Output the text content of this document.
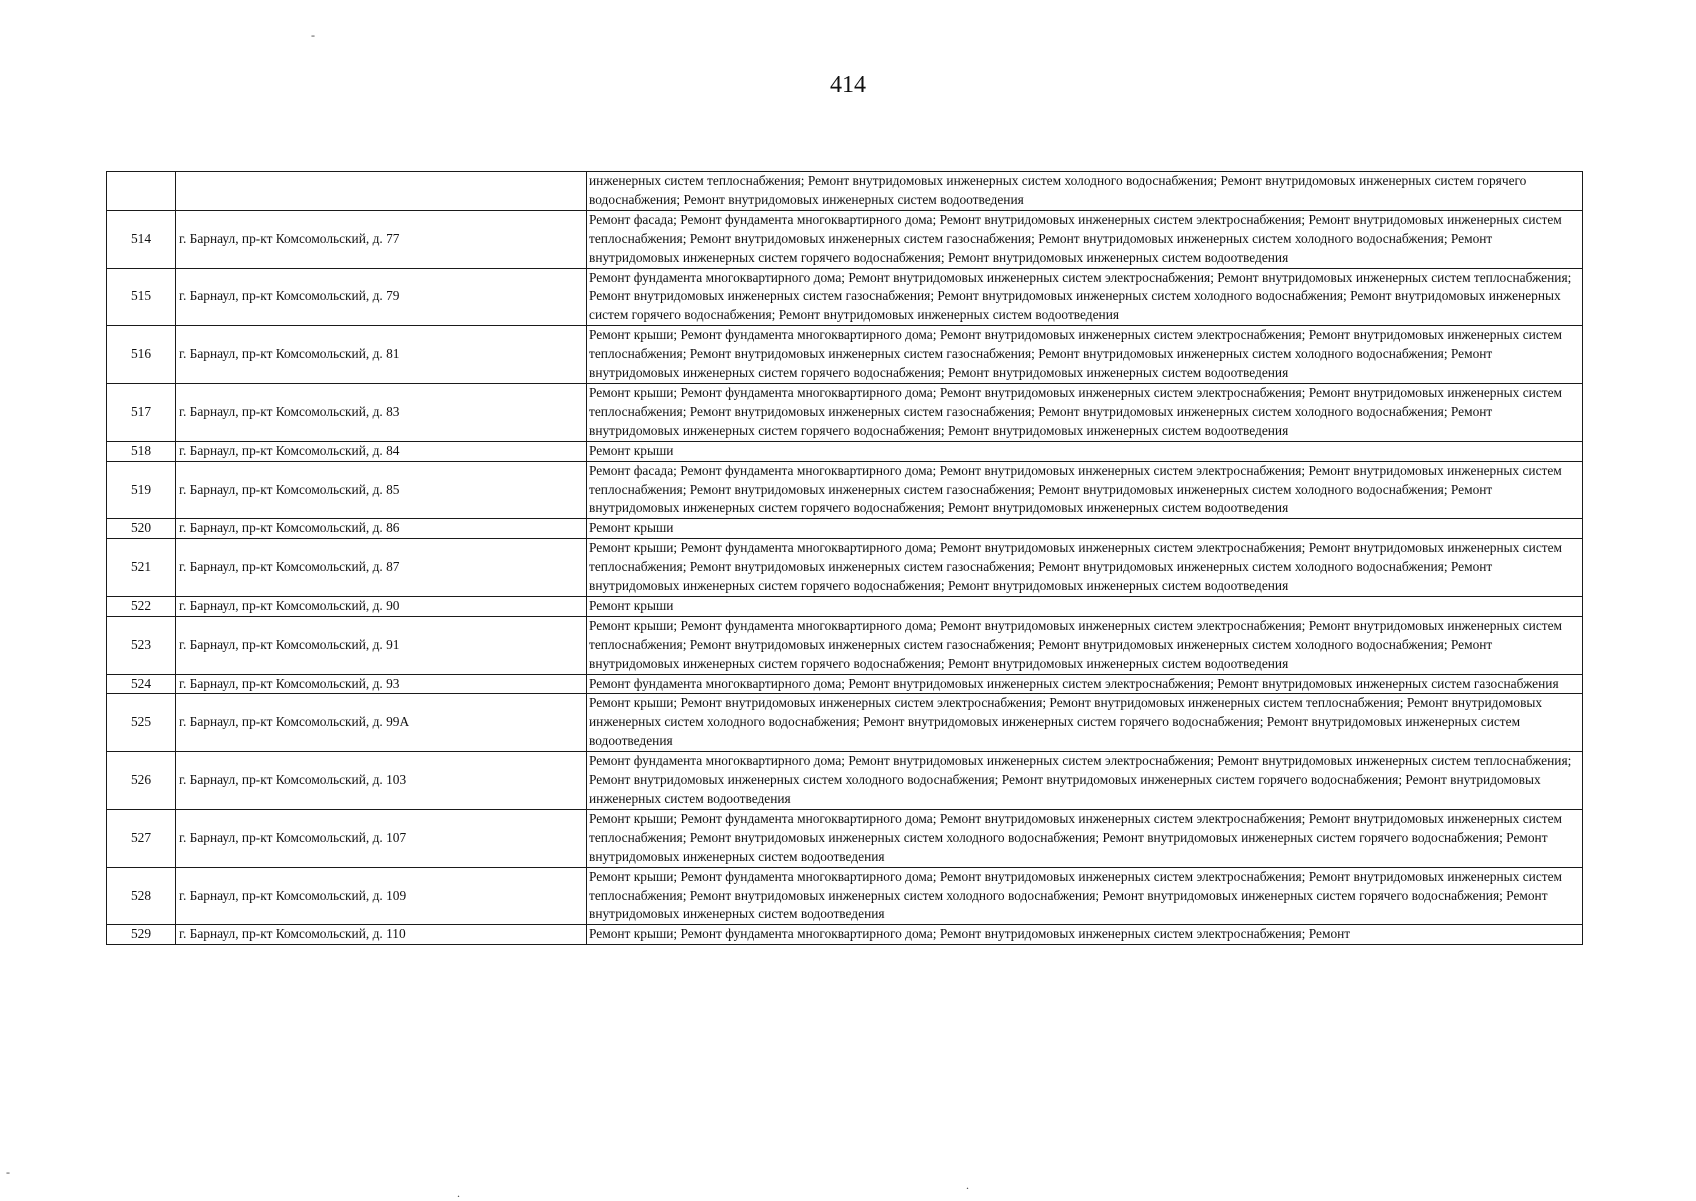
-
-
.
.
414
		инженерных систем теплоснабжения; Ремонт внутридомовых инженерных систем холодного водоснабжения; Ремонт внутридомовых инженерных систем горячего водоснабжения; Ремонт внутридомовых инженерных систем водоотведения
514	г. Барнаул, пр-кт Комсомольский, д. 77	Ремонт фасада; Ремонт фундамента многоквартирного дома; Ремонт внутридомовых инженерных систем электроснабжения; Ремонт внутридомовых инженерных систем теплоснабжения; Ремонт внутридомовых инженерных систем газоснабжения; Ремонт внутридомовых инженерных систем холодного водоснабжения; Ремонт внутридомовых инженерных систем горячего водоснабжения; Ремонт внутридомовых инженерных систем водоотведения
515	г. Барнаул, пр-кт Комсомольский, д. 79	Ремонт фундамента многоквартирного дома; Ремонт внутридомовых инженерных систем электроснабжения; Ремонт внутридомовых инженерных систем теплоснабжения; Ремонт внутридомовых инженерных систем газоснабжения; Ремонт внутридомовых инженерных систем холодного водоснабжения; Ремонт внутридомовых инженерных систем горячего водоснабжения; Ремонт внутридомовых инженерных систем водоотведения
516	г. Барнаул, пр-кт Комсомольский, д. 81	Ремонт крыши; Ремонт фундамента многоквартирного дома; Ремонт внутридомовых инженерных систем электроснабжения; Ремонт внутридомовых инженерных систем теплоснабжения; Ремонт внутридомовых инженерных систем газоснабжения; Ремонт внутридомовых инженерных систем холодного водоснабжения; Ремонт внутридомовых инженерных систем горячего водоснабжения; Ремонт внутридомовых инженерных систем водоотведения
517	г. Барнаул, пр-кт Комсомольский, д. 83	Ремонт крыши; Ремонт фундамента многоквартирного дома; Ремонт внутридомовых инженерных систем электроснабжения; Ремонт внутридомовых инженерных систем теплоснабжения; Ремонт внутридомовых инженерных систем газоснабжения; Ремонт внутридомовых инженерных систем холодного водоснабжения; Ремонт внутридомовых инженерных систем горячего водоснабжения; Ремонт внутридомовых инженерных систем водоотведения
518	г. Барнаул, пр-кт Комсомольский, д. 84	Ремонт крыши
519	г. Барнаул, пр-кт Комсомольский, д. 85	Ремонт фасада; Ремонт фундамента многоквартирного дома; Ремонт внутридомовых инженерных систем электроснабжения; Ремонт внутридомовых инженерных систем теплоснабжения; Ремонт внутридомовых инженерных систем газоснабжения; Ремонт внутридомовых инженерных систем холодного водоснабжения; Ремонт внутридомовых инженерных систем горячего водоснабжения; Ремонт внутридомовых инженерных систем водоотведения
520	г. Барнаул, пр-кт Комсомольский, д. 86	Ремонт крыши
521	г. Барнаул, пр-кт Комсомольский, д. 87	Ремонт крыши; Ремонт фундамента многоквартирного дома; Ремонт внутридомовых инженерных систем электроснабжения; Ремонт внутридомовых инженерных систем теплоснабжения; Ремонт внутридомовых инженерных систем газоснабжения; Ремонт внутридомовых инженерных систем холодного водоснабжения; Ремонт внутридомовых инженерных систем горячего водоснабжения; Ремонт внутридомовых инженерных систем водоотведения
522	г. Барнаул, пр-кт Комсомольский, д. 90	Ремонт крыши
523	г. Барнаул, пр-кт Комсомольский, д. 91	Ремонт крыши; Ремонт фундамента многоквартирного дома; Ремонт внутридомовых инженерных систем электроснабжения; Ремонт внутридомовых инженерных систем теплоснабжения; Ремонт внутридомовых инженерных систем газоснабжения; Ремонт внутридомовых инженерных систем холодного водоснабжения; Ремонт внутридомовых инженерных систем горячего водоснабжения; Ремонт внутридомовых инженерных систем водоотведения
524	г. Барнаул, пр-кт Комсомольский, д. 93	Ремонт фундамента многоквартирного дома; Ремонт внутридомовых инженерных систем электроснабжения; Ремонт внутридомовых инженерных систем газоснабжения
525	г. Барнаул, пр-кт Комсомольский, д. 99А	Ремонт крыши; Ремонт внутридомовых инженерных систем электроснабжения; Ремонт внутридомовых инженерных систем теплоснабжения; Ремонт внутридомовых инженерных систем холодного водоснабжения; Ремонт внутридомовых инженерных систем горячего водоснабжения; Ремонт внутридомовых инженерных систем водоотведения
526	г. Барнаул, пр-кт Комсомольский, д. 103	Ремонт фундамента многоквартирного дома; Ремонт внутридомовых инженерных систем электроснабжения; Ремонт внутридомовых инженерных систем теплоснабжения; Ремонт внутридомовых инженерных систем холодного водоснабжения; Ремонт внутридомовых инженерных систем горячего водоснабжения; Ремонт внутридомовых инженерных систем водоотведения
527	г. Барнаул, пр-кт Комсомольский, д. 107	Ремонт крыши; Ремонт фундамента многоквартирного дома; Ремонт внутридомовых инженерных систем электроснабжения; Ремонт внутридомовых инженерных систем теплоснабжения; Ремонт внутридомовых инженерных систем холодного водоснабжения; Ремонт внутридомовых инженерных систем горячего водоснабжения; Ремонт внутридомовых инженерных систем водоотведения
528	г. Барнаул, пр-кт Комсомольский, д. 109	Ремонт крыши; Ремонт фундамента многоквартирного дома; Ремонт внутридомовых инженерных систем электроснабжения; Ремонт внутридомовых инженерных систем теплоснабжения; Ремонт внутридомовых инженерных систем холодного водоснабжения; Ремонт внутридомовых инженерных систем горячего водоснабжения; Ремонт внутридомовых инженерных систем водоотведения
529	г. Барнаул, пр-кт Комсомольский, д. 110	Ремонт крыши; Ремонт фундамента многоквартирного дома; Ремонт внутридомовых инженерных систем электроснабжения; Ремонт
